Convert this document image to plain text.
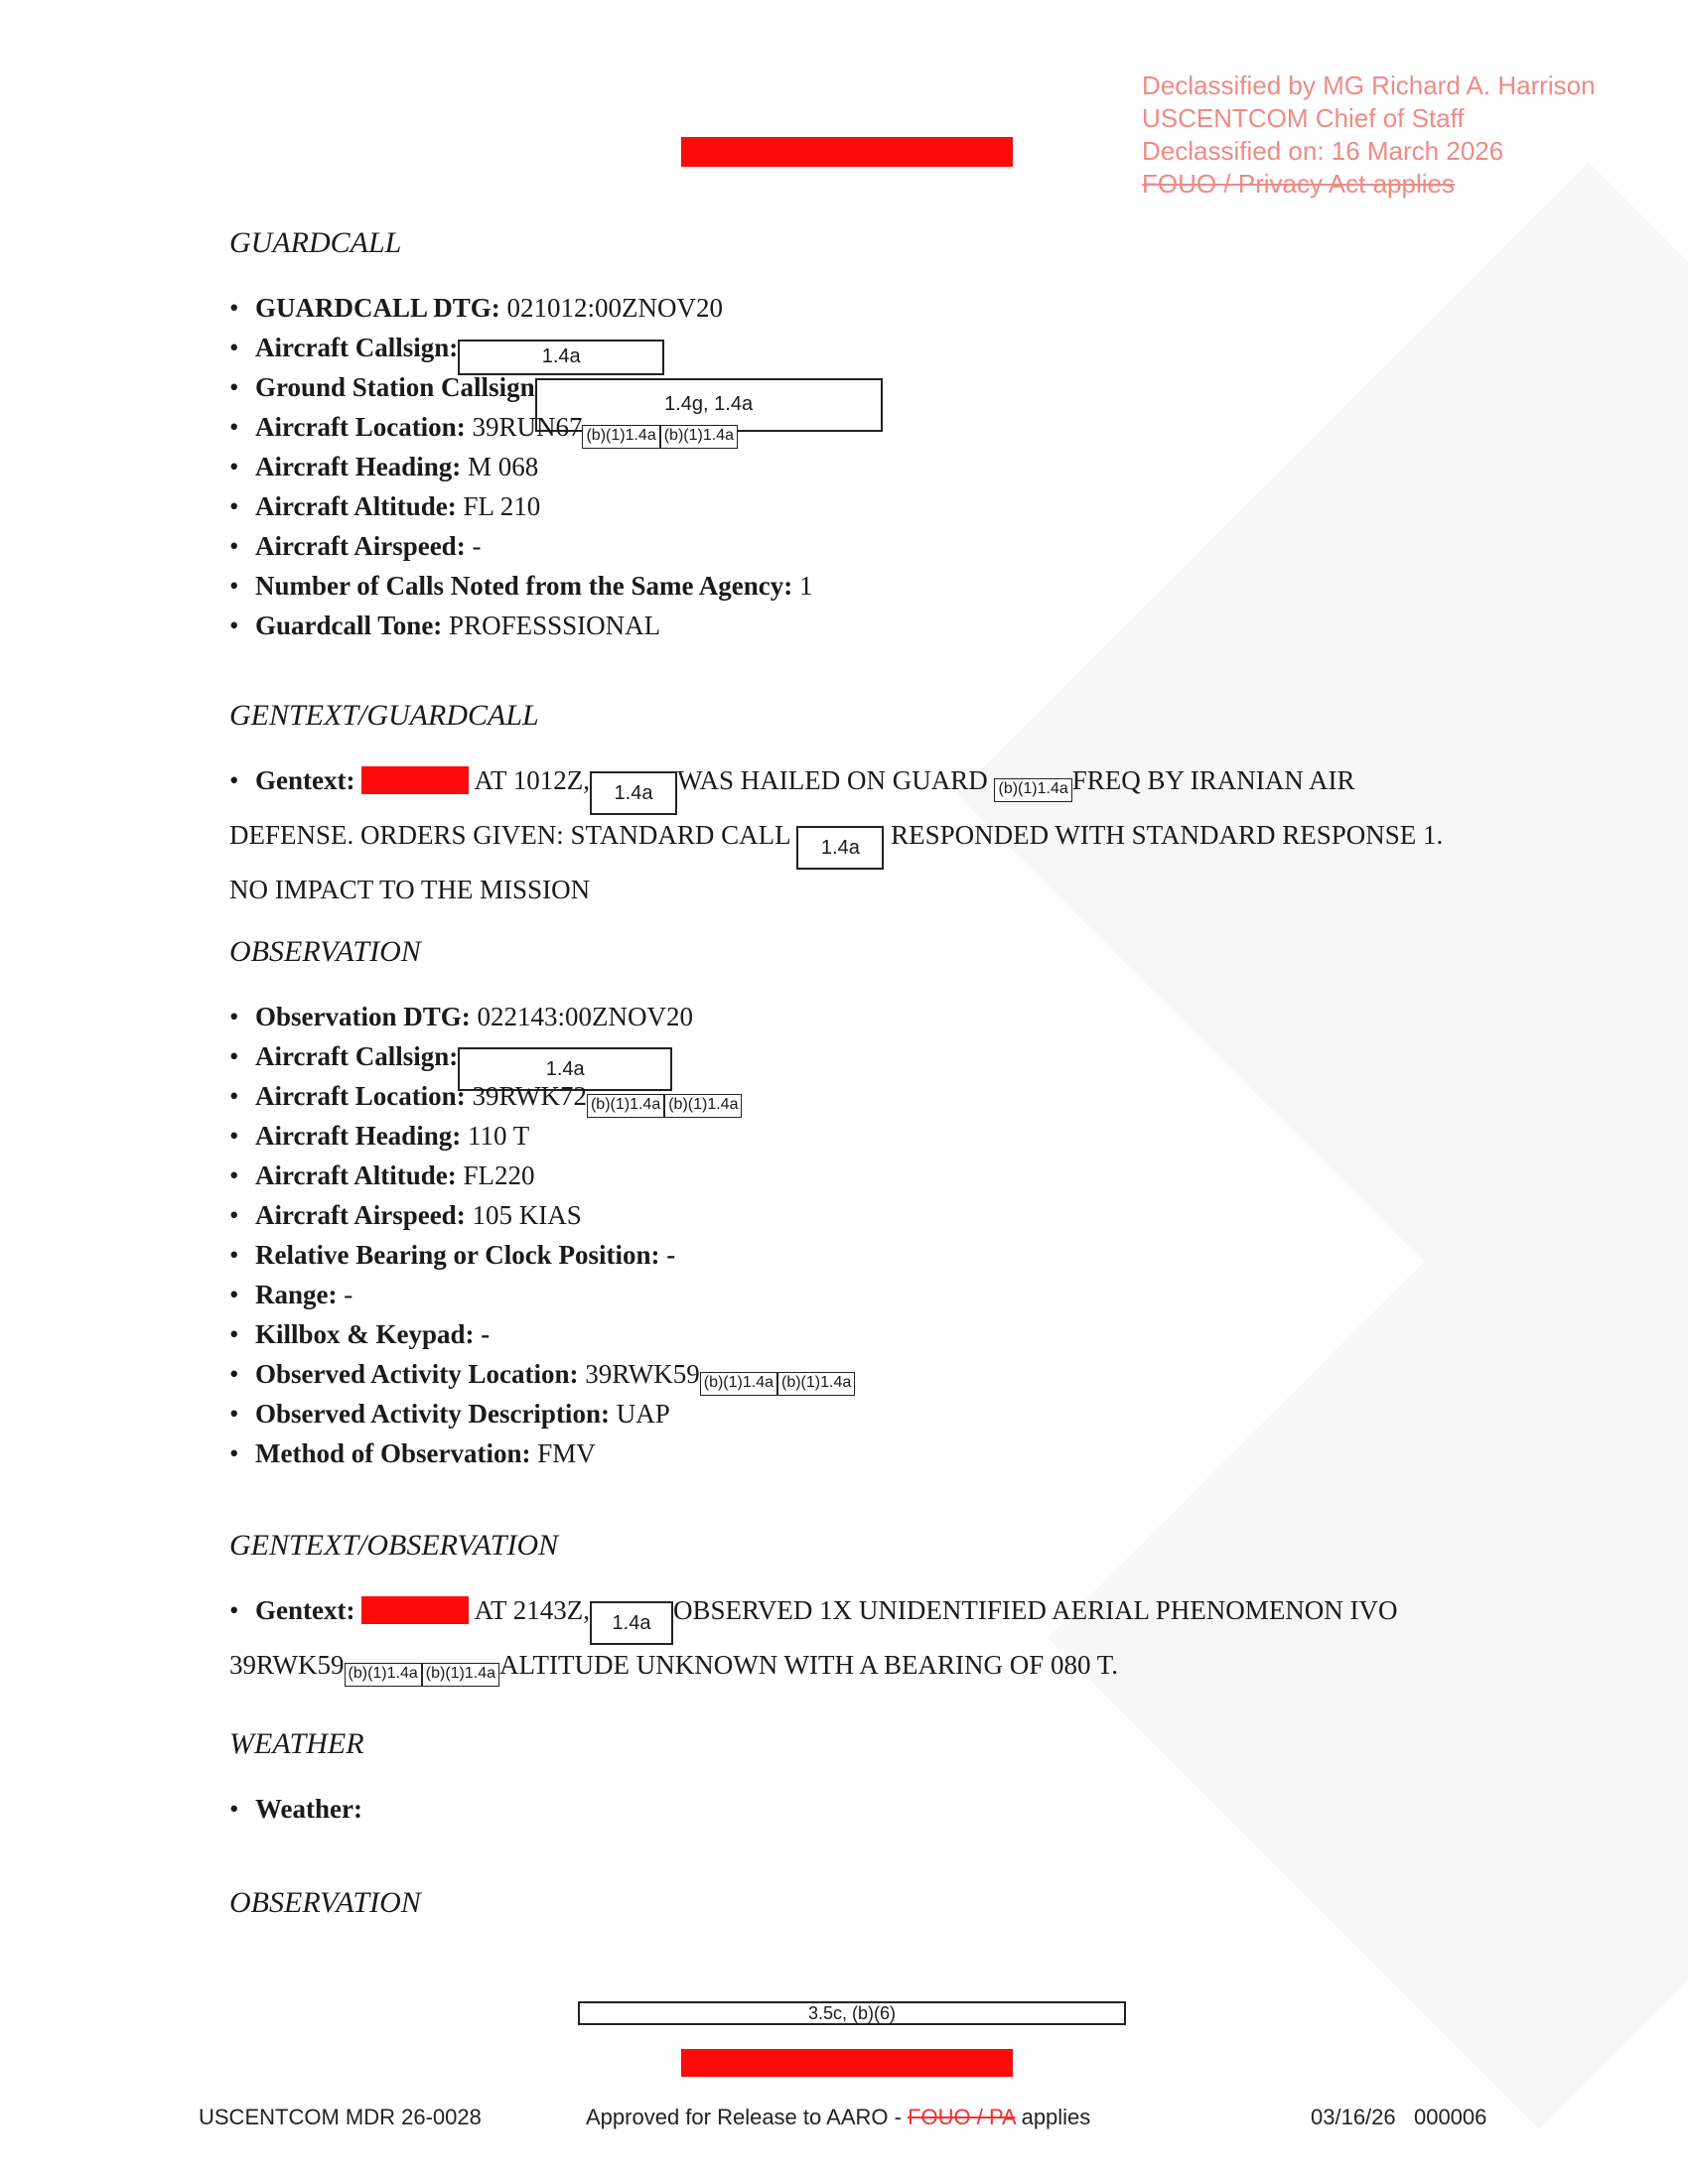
Declassified by MG Richard A. Harrison
USCENTCOM Chief of Staff
Declassified on: 16 March 2026
FOUO / Privacy Act applies
GUARDCALL
• GUARDCALL DTG: 021012:00ZNOV20
• Aircraft Callsign:	1.4a
• Ground Station Callsign1.4g, 1.4a
• Aircraft Location: 39RUN67 (b)(1)1.4a (b)(1)1.4a
• Aircraft Heading: M 068
• Aircraft Altitude: FL 210
• Aircraft Airspeed: -
• Number of Calls Noted from the Same Agency: 1
• Guardcall Tone: PROFESSSIONAL
GENTEXT/GUARDCALL
• Gentext:	AT 1012Z, 1.4a WAS HAILED ON GUARD (b)(1)1.4a FREQ BY IRANIAN AIR DEFENSE. ORDERS GIVEN: STANDARD CALL 1.4a RESPONDED WITH STANDARD RESPONSE 1. NO IMPACT TO THE MISSION
OBSERVATION
• Observation DTG: 022143:00ZNOV20
• Aircraft Callsign:	1.4a
• Aircraft Location: 39RWK72 (b)(1)1.4a (b)(1)1.4a
• Aircraft Heading: 110 T
• Aircraft Altitude: FL220
• Aircraft Airspeed: 105 KIAS
• Relative Bearing or Clock Position: -
• Range: -
• Killbox & Keypad: -
• Observed Activity Location: 39RWK59 (b)(1)1.4a (b)(1)1.4a
• Observed Activity Description: UAP
• Method of Observation: FMV
GENTEXT/OBSERVATION
• Gentext:	AT 2143Z, 1.4a OBSERVED 1X UNIDENTIFIED AERIAL PHENOMENON IVO 39RWK59 (b)(1)1.4a (b)(1)1.4a ALTITUDE UNKNOWN WITH A BEARING OF 080 T.
WEATHER
• Weather:
OBSERVATION
3.5c, (b)(6)
USCENTCOM MDR 26-0028	Approved for Release to AARO - FOUO / PA applies	03/16/26   000006
